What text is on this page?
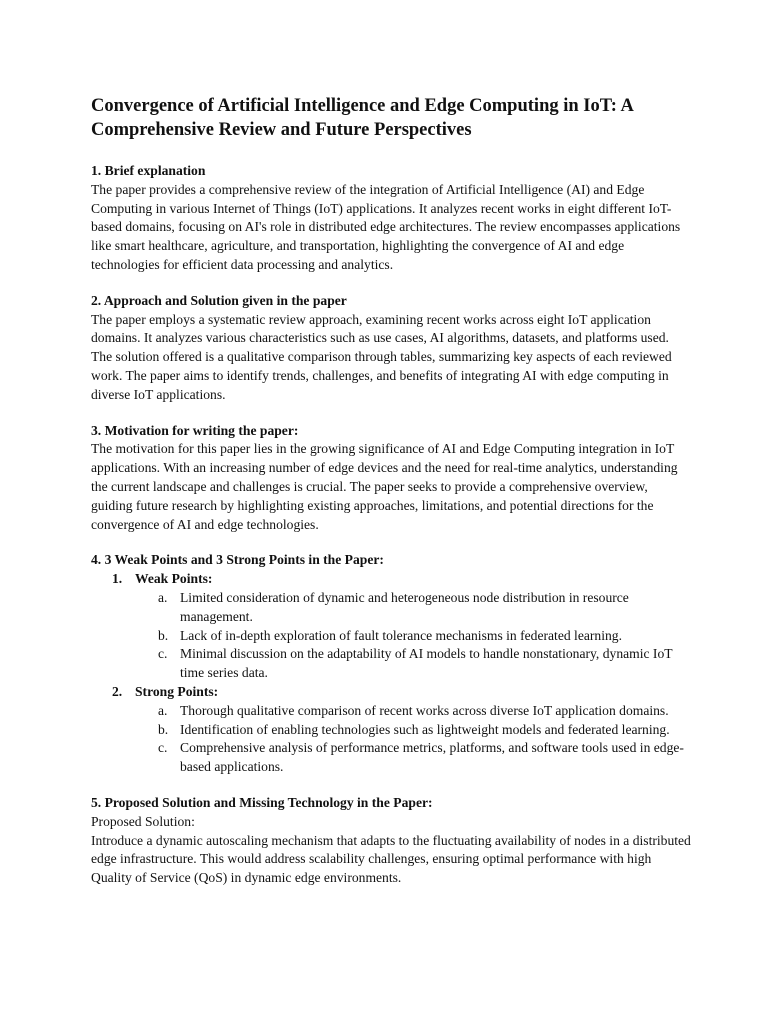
Convergence of Artificial Intelligence and Edge Computing in IoT: A Comprehensive Review and Future Perspectives

1. Brief explanation

The paper provides a comprehensive review of the integration of Artificial Intelligence (AI) and Edge Computing in various Internet of Things (IoT) applications. It analyzes recent works in eight different IoT-based domains, focusing on AI's role in distributed edge architectures. The review encompasses applications like smart healthcare, agriculture, and transportation, highlighting the convergence of AI and edge technologies for efficient data processing and analytics.

2. Approach and Solution given in the paper

The paper employs a systematic review approach, examining recent works across eight IoT application domains. It analyzes various characteristics such as use cases, AI algorithms, datasets, and platforms used. The solution offered is a qualitative comparison through tables, summarizing key aspects of each reviewed work. The paper aims to identify trends, challenges, and benefits of integrating AI with edge computing in diverse IoT applications.

3. Motivation for writing the paper:

The motivation for this paper lies in the growing significance of AI and Edge Computing integration in IoT applications. With an increasing number of edge devices and the need for real-time analytics, understanding the current landscape and challenges is crucial. The paper seeks to provide a comprehensive overview, guiding future research by highlighting existing approaches, limitations, and potential directions for the convergence of AI and edge technologies.

4. 3 Weak Points and 3 Strong Points in the Paper:

1. Weak Points:
a. Limited consideration of dynamic and heterogeneous node distribution in resource management.
b. Lack of in-depth exploration of fault tolerance mechanisms in federated learning.
c. Minimal discussion on the adaptability of AI models to handle nonstationary, dynamic IoT time series data.
2. Strong Points:
a. Thorough qualitative comparison of recent works across diverse IoT application domains.
b. Identification of enabling technologies such as lightweight models and federated learning.
c. Comprehensive analysis of performance metrics, platforms, and software tools used in edge-based applications.

5. Proposed Solution and Missing Technology in the Paper:

Proposed Solution:

Introduce a dynamic autoscaling mechanism that adapts to the fluctuating availability of nodes in a distributed edge infrastructure. This would address scalability challenges, ensuring optimal performance with high Quality of Service (QoS) in dynamic edge environments.
